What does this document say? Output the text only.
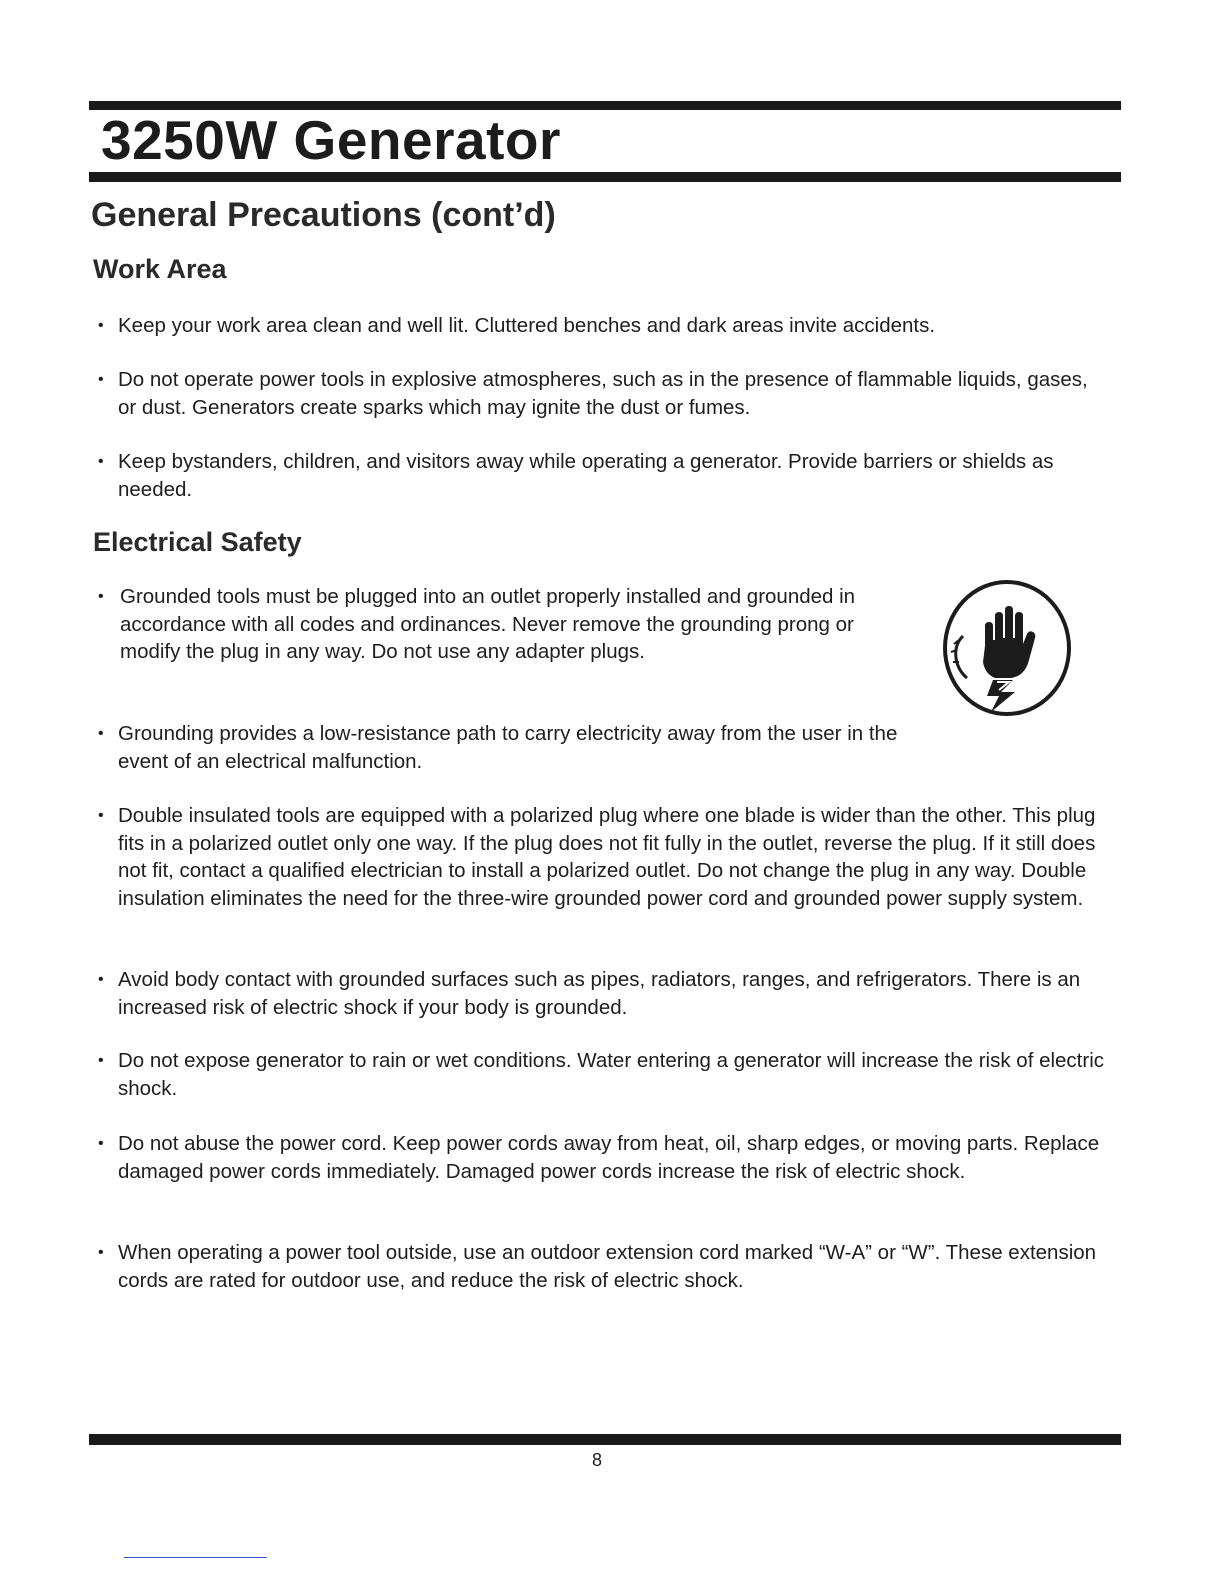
3250W Generator
General Precautions (cont’d)
Work Area

• Keep your work area clean and well lit. Cluttered benches and dark areas invite accidents.

• Do not operate power tools in explosive atmospheres, such as in the presence of flammable liquids, gases, or dust. Generators create sparks which may ignite the dust or fumes.

• Keep bystanders, children, and visitors away while operating a generator. Provide barriers or shields as needed.

Electrical Safety

• Grounded tools must be plugged into an outlet properly installed and grounded in accordance with all codes and ordinances. Never remove the grounding prong or modify the plug in any way. Do not use any adapter plugs.

• Grounding provides a low-resistance path to carry electricity away from the user in the event of an electrical malfunction.

• Double insulated tools are equipped with a polarized plug where one blade is wider than the other. This plug fits in a polarized outlet only one way. If the plug does not fit fully in the outlet, reverse the plug. If it still does not fit, contact a qualified electrician to install a polarized outlet. Do not change the plug in any way. Double insulation eliminates the need for the three-wire grounded power cord and grounded power supply system.

• Avoid body contact with grounded surfaces such as pipes, radiators, ranges, and refrigerators. There is an increased risk of electric shock if your body is grounded.

• Do not expose generator to rain or wet conditions. Water entering a generator will increase the risk of electric shock.

• Do not abuse the power cord. Keep power cords away from heat, oil, sharp edges, or moving parts. Replace damaged power cords immediately. Damaged power cords increase the risk of electric shock.

• When operating a power tool outside, use an outdoor extension cord marked “W-A” or “W”. These extension cords are rated for outdoor use, and reduce the risk of electric shock.

8
